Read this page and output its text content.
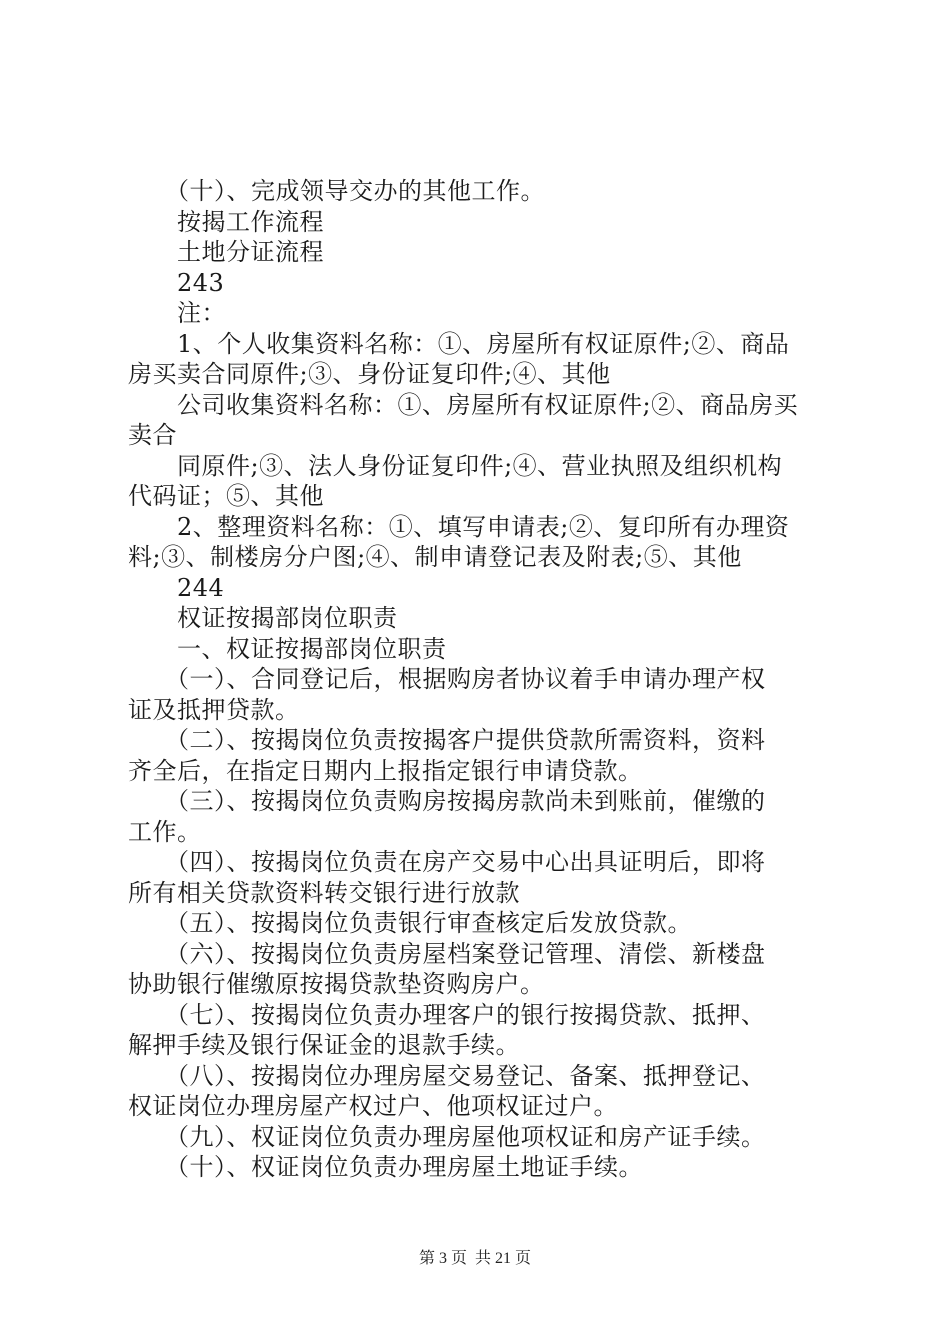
　　（十）、完成领导交办的其他工作。
　　按揭工作流程
　　土地分证流程
　　243
　　注：
　　1、个人收集资料名称：①、房屋所有权证原件;②、商品
房买卖合同原件;③、身份证复印件;④、其他
　　公司收集资料名称：①、房屋所有权证原件;②、商品房买
卖合
　　同原件;③、法人身份证复印件;④、营业执照及组织机构
代码证；⑤、其他
　　2、整理资料名称：①、填写申请表;②、复印所有办理资
料;③、制楼房分户图;④、制申请登记表及附表;⑤、其他
　　244
　　权证按揭部岗位职责
　　一、权证按揭部岗位职责
　　（一）、合同登记后，根据购房者协议着手申请办理产权
证及抵押贷款。
　　（二）、按揭岗位负责按揭客户提供贷款所需资料，资料
齐全后，在指定日期内上报指定银行申请贷款。
　　（三）、按揭岗位负责购房按揭房款尚未到账前，催缴的
工作。
　　（四）、按揭岗位负责在房产交易中心出具证明后，即将
所有相关贷款资料转交银行进行放款
　　（五）、按揭岗位负责银行审查核定后发放贷款。
　　（六）、按揭岗位负责房屋档案登记管理、清偿、新楼盘
协助银行催缴原按揭贷款垫资购房户。
　　（七）、按揭岗位负责办理客户的银行按揭贷款、抵押、
解押手续及银行保证金的退款手续。
　　（八）、按揭岗位办理房屋交易登记、备案、抵押登记、
权证岗位办理房屋产权过户、他项权证过户。
　　（九）、权证岗位负责办理房屋他项权证和房产证手续。
　　（十）、权证岗位负责办理房屋土地证手续。
第 3 页  共 21 页
